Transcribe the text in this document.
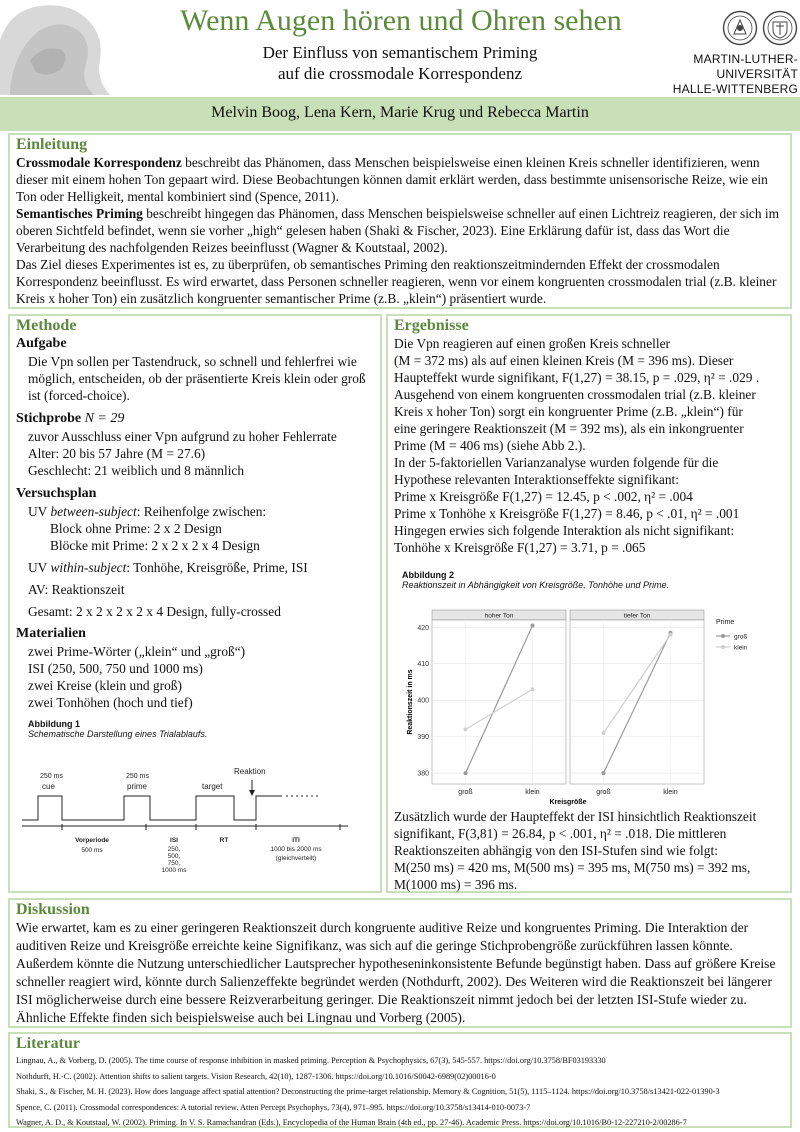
Wenn Augen hören und Ohren sehen
Der Einfluss von semantischem Priming
auf die crossmodale Korrespondenz
MARTIN-LUTHER-UNIVERSITÄT
HALLE-WITTENBERG
Melvin Boog, Lena Kern, Marie Krug und Rebecca Martin
Einleitung
Crossmodale Korrespondenz beschreibt das Phänomen, dass Menschen beispielsweise einen kleinen Kreis schneller identifizieren, wenn dieser mit einem hohen Ton gepaart wird. Diese Beobachtungen können damit erklärt werden, dass bestimmte unisensorische Reize, wie ein Ton oder Helligkeit, mental kombiniert sind (Spence, 2011).
Semantisches Priming beschreibt hingegen das Phänomen, dass Menschen beispielsweise schneller auf einen Lichtreiz reagieren, der sich im oberen Sichtfeld befindet, wenn sie vorher „high“ gelesen haben (Shaki & Fischer, 2023). Eine Erklärung dafür ist, dass das Wort die Verarbeitung des nachfolgenden Reizes beeinflusst (Wagner & Koutstaal, 2002).
Das Ziel dieses Experimentes ist es, zu überprüfen, ob semantisches Priming den reaktionszeitmindernden Effekt der crossmodalen Korrespondenz beeinflusst. Es wird erwartet, dass Personen schneller reagieren, wenn vor einem kongruenten crossmodalen trial (z.B. kleiner Kreis x hoher Ton) ein zusätzlich kongruenter semantischer Prime (z.B. „klein“) präsentiert wurde.
Methode
Aufgabe
Die Vpn sollen per Tastendruck, so schnell und fehlerfrei wie möglich, entscheiden, ob der präsentierte Kreis klein oder groß ist (forced-choice).
Stichprobe N = 29
zuvor Ausschluss einer Vpn aufgrund zu hoher Fehlerrate
Alter: 20 bis 57 Jahre (M = 27.6)
Geschlecht: 21 weiblich und 8 männlich
Versuchsplan
UV between-subject: Reihenfolge zwischen:
Block ohne Prime: 2 x 2 Design
Blöcke mit Prime: 2 x 2 x 2 x 4 Design
UV within-subject: Tonhöhe, Kreisgröße, Prime, ISI
AV: Reaktionszeit
Gesamt: 2 x 2 x 2 x 2 x 4 Design, fully-crossed
Materialien
zwei Prime-Wörter („klein“ und „groß“)
ISI (250, 500, 750 und 1000 ms)
zwei Kreise (klein und groß)
zwei Tonhöhen (hoch und tief)
Abbildung 1
Schematische Darstellung eines Trialablaufs.
250 ms
cue
250 ms
prime	target
Reaktion
Vorperiode
500 ms
ISI
250,
500,
750,
1000 ms
RT	ITI
1000 bis 2000 ms
(gleichverteilt)
Ergebnisse
Die Vpn reagieren auf einen großen Kreis schneller
(M = 372 ms) als auf einen kleinen Kreis (M = 396 ms). Dieser
Haupteffekt wurde signifikant, F(1,27) = 38.15, p = .029, η² = .029 .
Ausgehend von einem kongruenten crossmodalen trial (z.B. kleiner
Kreis x hoher Ton) sorgt ein kongruenter Prime (z.B. „klein“) für
eine geringere Reaktionszeit (M = 392 ms), als ein inkongruenter
Prime (M = 406 ms) (siehe Abb 2.).
In der 5-faktoriellen Varianzanalyse wurden folgende für die
Hypothese relevanten Interaktionseffekte signifikant:
Prime x Kreisgröße F(1,27) = 12.45, p < .002, η² = .004
Prime x Tonhöhe x Kreisgröße F(1,27) = 8.46, p < .01, η² = .001
Hingegen erwies sich folgende Interaktion als nicht signifikant:
Tonhöhe x Kreisgröße F(1,27) = 3.71, p = .065
Abbildung 2
Reaktionszeit in Abhängigkeit von Kreisgröße, Tonhöhe und Prime.
Reaktionszeit in ms
380
390
400
410
420
hoher Ton
groß	klein
tiefer Ton
groß	klein
Kreisgröße
Prime
groß
klein
Zusätzlich wurde der Haupteffekt der ISI hinsichtlich Reaktionszeit
signifikant, F(3,81) = 26.84, p < .001, η² = .018. Die mittleren
Reaktionszeiten abhängig von den ISI-Stufen sind wie folgt:
M(250 ms) = 420 ms, M(500 ms) = 395 ms, M(750 ms) = 392 ms,
M(1000 ms) = 396 ms.
Diskussion
Wie erwartet, kam es zu einer geringeren Reaktionszeit durch kongruente auditive Reize und kongruentes Priming. Die Interaktion der auditiven Reize und Kreisgröße erreichte keine Signifikanz, was sich auf die geringe Stichprobengröße zurückführen lassen könnte. Außerdem könnte die Nutzung unterschiedlicher Lautsprecher hypotheseninkonsistente Befunde begünstigt haben. Dass auf größere Kreise schneller reagiert wird, könnte durch Salienzeffekte begründet werden (Nothdurft, 2002). Des Weiteren wird die Reaktionszeit bei längerer ISI möglicherweise durch eine bessere Reizverarbeitung geringer. Die Reaktionszeit nimmt jedoch bei der letzten ISI-Stufe wieder zu. Ähnliche Effekte finden sich beispielsweise auch bei Lingnau und Vorberg (2005).
Literatur
Lingnau, A., & Vorberg, D. (2005). The time course of response inhibition in masked priming. Perception & Psychophysics, 67(3), 545-557. https://doi.org/10.3758/BF03193330
Nothdurft, H.-C. (2002). Attention shifts to salient targets. Vision Research, 42(10), 1287-1306. https://doi.org/10.1016/S0042-6989(02)00016-0
Shaki, S., & Fischer, M. H. (2023). How does language affect spatial attention? Deconstructing the prime-target relationship. Memory & Cognition, 51(5), 1115–1124. https://doi.org/10.3758/s13421-022-01390-3
Spence, C. (2011). Crossmodal correspondences: A tutorial review. Atten Percept Psychophys, 73(4), 971–995. https://doi.org/10.3758/s13414-010-0073-7
Wagner, A. D., & Koutstaal, W. (2002). Priming. In V. S. Ramachandran (Eds.), Encyclopedia of the Human Brain (4th ed., pp. 27-46). Academic Press. https://doi.org/10.1016/B0-12-227210-2/00286-7
